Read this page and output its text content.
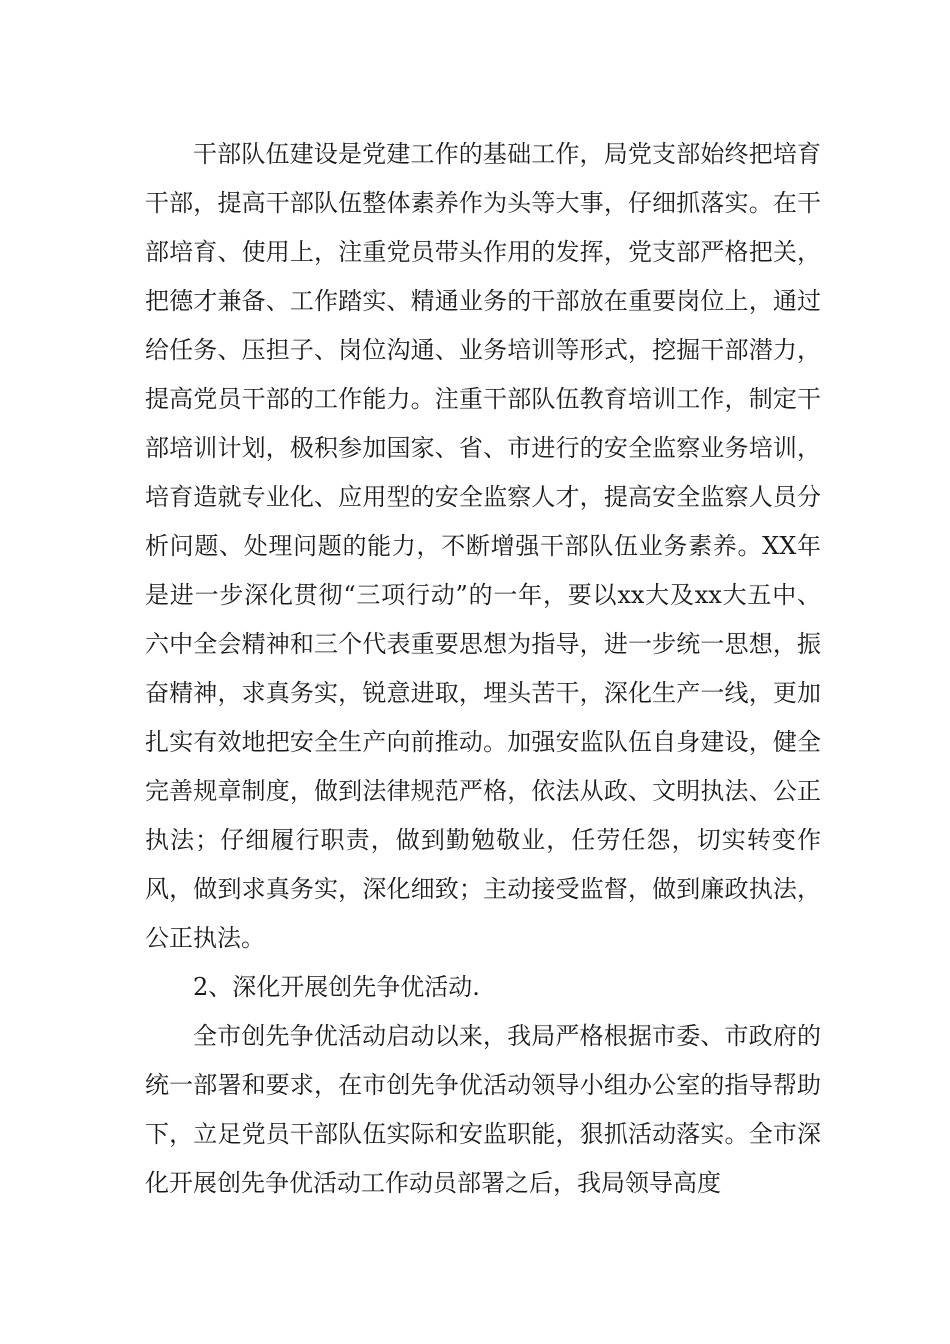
干部队伍建设是党建工作的基础工作，局党支部始终把培育干部，提高干部队伍整体素养作为头等大事，仔细抓落实。在干部培育、使用上，注重党员带头作用的发挥，党支部严格把关，把德才兼备、工作踏实、精通业务的干部放在重要岗位上，通过给任务、压担子、岗位沟通、业务培训等形式，挖掘干部潜力，提高党员干部的工作能力。注重干部队伍教育培训工作，制定干部培训计划，极积参加国家、省、市进行的安全监察业务培训，培育造就专业化、应用型的安全监察人才，提高安全监察人员分析问题、处理问题的能力，不断增强干部队伍业务素养。XX年是进一步深化贯彻“三项行动”的一年，要以xx大及xx大五中、六中全会精神和三个代表重要思想为指导，进一步统一思想，振奋精神，求真务实，锐意进取，埋头苦干，深化生产一线，更加扎实有效地把安全生产向前推动。加强安监队伍自身建设，健全完善规章制度，做到法律规范严格，依法从政、文明执法、公正执法；仔细履行职责，做到勤勉敬业，任劳任怨，切实转变作风，做到求真务实，深化细致；主动接受监督，做到廉政执法，公正执法。

2、深化开展创先争优活动.

全市创先争优活动启动以来，我局严格根据市委、市政府的统一部署和要求，在市创先争优活动领导小组办公室的指导帮助下，立足党员干部队伍实际和安监职能，狠抓活动落实。全市深化开展创先争优活动工作动员部署之后，我局领导高度
